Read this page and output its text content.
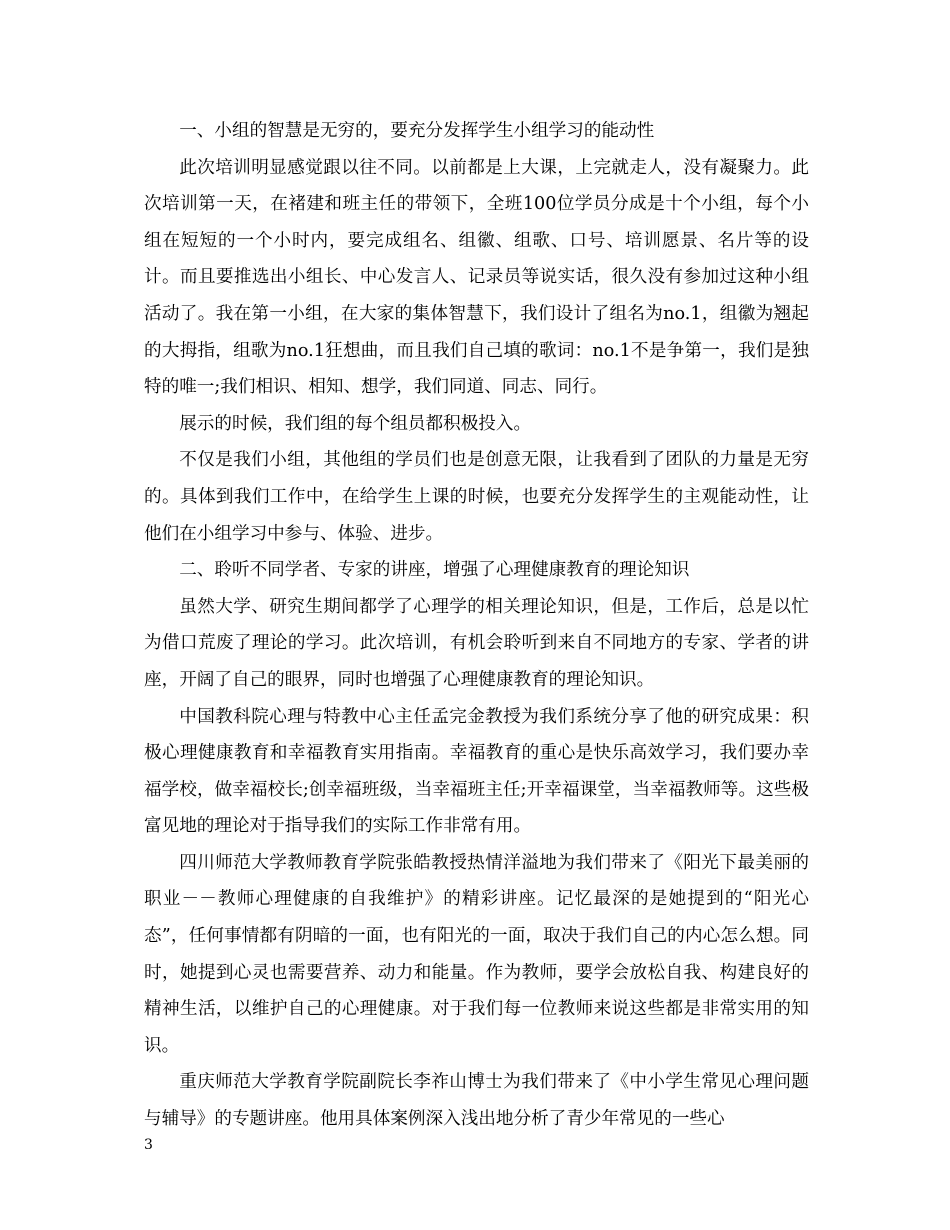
一、小组的智慧是无穷的，要充分发挥学生小组学习的能动性

此次培训明显感觉跟以往不同。以前都是上大课，上完就走人，没有凝聚力。此次培训第一天，在褚建和班主任的带领下，全班100位学员分成是十个小组，每个小组在短短的一个小时内，要完成组名、组徽、组歌、口号、培训愿景、名片等的设计。而且要推选出小组长、中心发言人、记录员等说实话，很久没有参加过这种小组活动了。我在第一小组，在大家的集体智慧下，我们设计了组名为no.1，组徽为翘起的大拇指，组歌为no.1狂想曲，而且我们自己填的歌词：no.1不是争第一，我们是独特的唯一;我们相识、相知、想学，我们同道、同志、同行。

展示的时候，我们组的每个组员都积极投入。

不仅是我们小组，其他组的学员们也是创意无限，让我看到了团队的力量是无穷的。具体到我们工作中，在给学生上课的时候，也要充分发挥学生的主观能动性，让他们在小组学习中参与、体验、进步。

二、聆听不同学者、专家的讲座，增强了心理健康教育的理论知识

虽然大学、研究生期间都学了心理学的相关理论知识，但是，工作后，总是以忙为借口荒废了理论的学习。此次培训，有机会聆听到来自不同地方的专家、学者的讲座，开阔了自己的眼界，同时也增强了心理健康教育的理论知识。

中国教科院心理与特教中心主任孟完金教授为我们系统分享了他的研究成果：积极心理健康教育和幸福教育实用指南。幸福教育的重心是快乐高效学习，我们要办幸福学校，做幸福校长;创幸福班级，当幸福班主任;开幸福课堂，当幸福教师等。这些极富见地的理论对于指导我们的实际工作非常有用。

四川师范大学教师教育学院张皓教授热情洋溢地为我们带来了《阳光下最美丽的职业－－教师心理健康的自我维护》的精彩讲座。记忆最深的是她提到的“阳光心态”，任何事情都有阴暗的一面，也有阳光的一面，取决于我们自己的内心怎么想。同时，她提到心灵也需要营养、动力和能量。作为教师，要学会放松自我、构建良好的精神生活，以维护自己的心理健康。对于我们每一位教师来说这些都是非常实用的知识。

重庆师范大学教育学院副院长李祚山博士为我们带来了《中小学生常见心理问题与辅导》的专题讲座。他用具体案例深入浅出地分析了青少年常见的一些心

3
